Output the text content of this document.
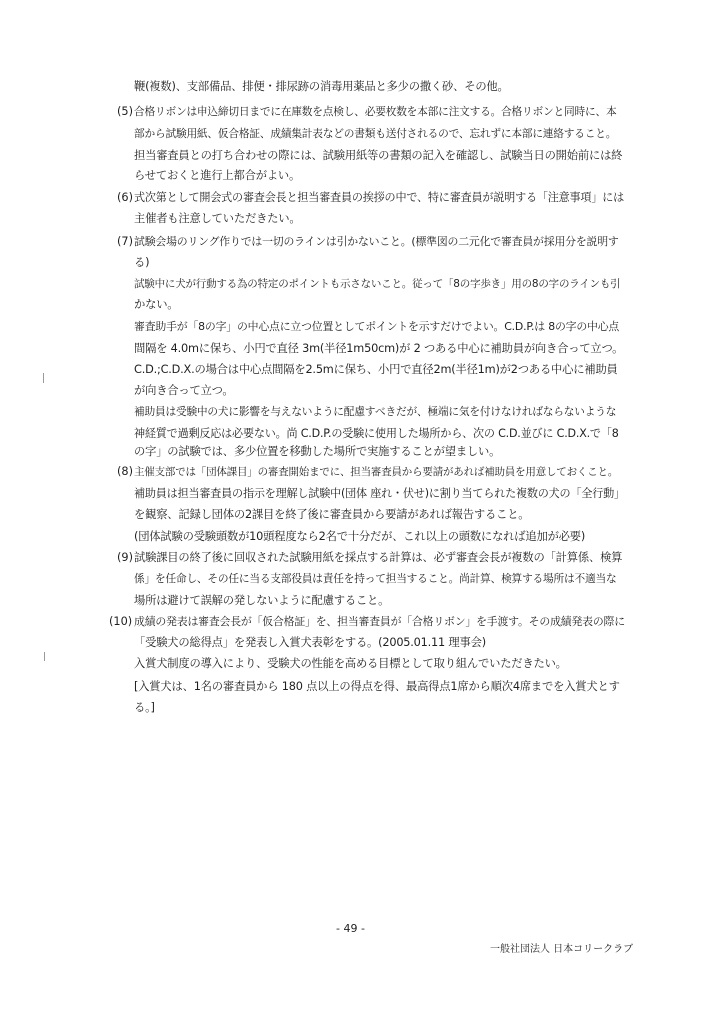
(5)
(6)
(7)
(8)
(9)
(10)
鞭(複数)、支部備品、排便・排尿跡の消毒用薬品と多少の撒く砂、その他。
合格リボンは申込締切日までに在庫数を点検し、必要枚数を本部に注文する。合格リボンと同時に、本
部から試験用紙、仮合格証、成績集計表などの書類も送付されるので、忘れずに本部に連絡すること。
担当審査員との打ち合わせの際には、試験用紙等の書類の記入を確認し、試験当日の開始前には終
らせておくと進行上都合がよい。
式次第として開会式の審査会長と担当審査員の挨拶の中で、特に審査員が説明する「注意事項」には
主催者も注意していただきたい。
試験会場のリング作りでは一切のラインは引かないこと。(標準図の二元化で審査員が採用分を説明す
る)
試験中に犬が行動する為の特定のポイントも示さないこと。従って「8の字歩き」用の8の字のラインも引
かない。
審査助手が「8の字」の中心点に立つ位置としてポイントを示すだけでよい。C.D.P.は 8の字の中心点
間隔を 4.0mに保ち、小円で直径 3m(半径1m50cm)が 2 つある中心に補助員が向き合って立つ。
C.D.;C.D.X.の場合は中心点間隔を2.5mに保ち、小円で直径2m(半径1m)が2つある中心に補助員
が向き合って立つ。
補助員は受験中の犬に影響を与えないように配慮すべきだが、極端に気を付けなければならないような
神経質で過剰反応は必要ない。尚 C.D.P.の受験に使用した場所から、次の C.D.並びに C.D.X.で「8
の字」の試験では、多少位置を移動した場所で実施することが望ましい。
主催支部では「団体課目」の審査開始までに、担当審査員から要請があれば補助員を用意しておくこと。
補助員は担当審査員の指示を理解し試験中(団体 座れ・伏せ)に割り当てられた複数の犬の「全行動」
を観察、記録し団体の2課目を終了後に審査員から要請があれば報告すること。
(団体試験の受験頭数が10頭程度なら2名で十分だが、これ以上の頭数になれば追加が必要)
試験課目の終了後に回収された試験用紙を採点する計算は、必ず審査会長が複数の「計算係、検算
係」を任命し、その任に当る支部役員は責任を持って担当すること。尚計算、検算する場所は不適当な
場所は避けて誤解の発しないように配慮すること。
成績の発表は審査会長が「仮合格証」を、担当審査員が「合格リボン」を手渡す。その成績発表の際に
「受験犬の総得点」を発表し入賞犬表彰をする。(2005.01.11 理事会)
入賞犬制度の導入により、受験犬の性能を高める目標として取り組んでいただきたい。
[入賞犬は、1名の審査員から 180 点以上の得点を得、最高得点1席から順次4席までを入賞犬とす
る。]
- 49 -
一般社団法人 日本コリークラブ
